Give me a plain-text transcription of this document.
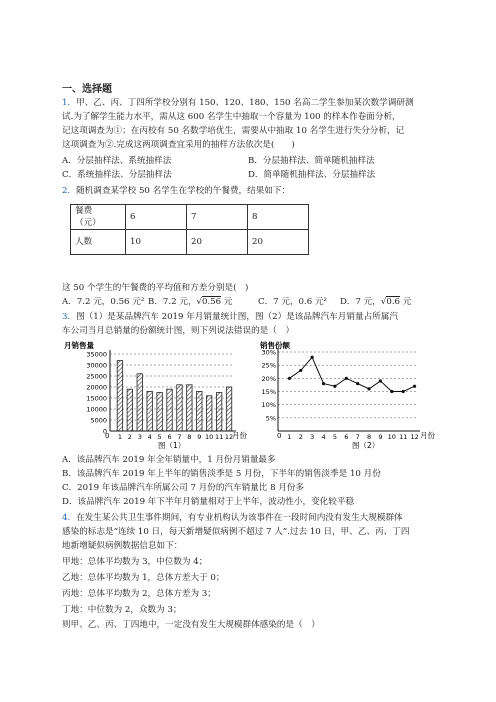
一、选择题
1．甲、乙、丙、丁四所学校分别有 150、120、180、150 名高二学生参加某次数学调研测
试.为了解学生能力水平，需从这 600 名学生中抽取一个容量为 100 的样本作卷面分析，
记这项调查为①；在丙校有 50 名数学培优生，需要从中抽取 10 名学生进行失分分析，记
这项调查为②.完成这两项调查宜采用的抽样方法依次是(　　)
A．分层抽样法、系统抽样法	B．分层抽样法、简单随机抽样法
C．系统抽样法、分层抽样法	D．简单随机抽样法、分层抽样法
2．随机调查某学校 50 名学生在学校的午餐费，结果如下：
餐费
（元）	6	7	8
人数	10	20	20
这 50 个学生的午餐费的平均值和方差分别是(　)
A．7.2 元，0.56 元² B．7.2 元，√0.56 元	C．7 元，0.6 元² D．7 元，√0.6 元
3．图（1）是某品牌汽车 2019 年月销量统计图，图（2）是该品牌汽车月销量占所属汽
车公司当月总销量的份额统计图，则下列说法错误的是（　）
月销售量
月份
图（1）
0
0
5000
10000
15000
20000
25000
30000
35000
1 2 3 4 5 6 7 8 9 10 11 12
销售份额
月份
图（2）
0
5%
10%
15%
20%
25%
30%
1 2 3 4 5 6 7 8 9 10 11 12
A．该品牌汽车 2019 年全年销量中，1 月份月销量最多
B．该品牌汽车 2019 年上半年的销售淡季是 5 月份，下半年的销售淡季是 10 月份
C．2019 年该品牌汽车所属公司 7 月份的汽车销量比 8 月份多
D．该品牌汽车 2019 年下半年月销量相对于上半年，波动性小，变化较平稳
4．在发生某公共卫生事件期间，有专业机构认为该事件在一段时间内没有发生大规模群体
感染的标志是“连续 10 日，每天新增疑似病例不超过 7 人”.过去 10 日，甲、乙、丙、丁四
地新增疑似病例数据信息如下：
甲地：总体平均数为 3，中位数为 4；
乙地：总体平均数为 1，总体方差大于 0；
丙地：总体平均数为 2，总体方差为 3；
丁地：中位数为 2，众数为 3；
则甲、乙、丙、丁四地中，一定没有发生大规模群体感染的是（　）
